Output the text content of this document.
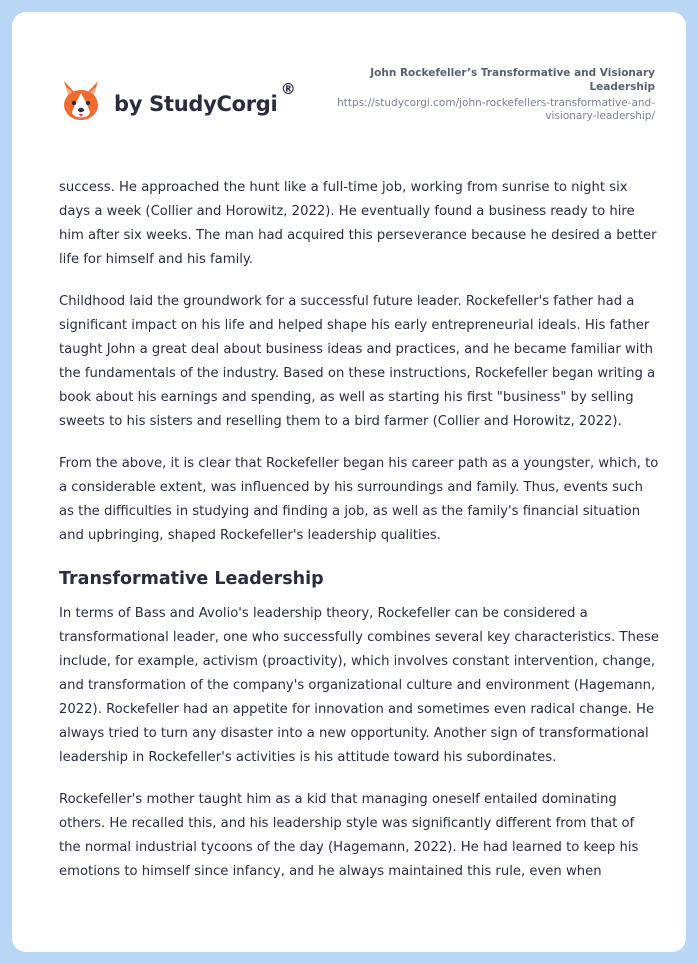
by StudyCorgi
®
John Rockefeller’s Transformative and Visionary Leadership
https://studycorgi.com/john-rockefellers-transformative-and-visionary-leadership/

success. He approached the hunt like a full-time job, working from sunrise to night six days a week (Collier and Horowitz, 2022). He eventually found a business ready to hire him after six weeks. The man had acquired this perseverance because he desired a better life for himself and his family.

Childhood laid the groundwork for a successful future leader. Rockefeller's father had a significant impact on his life and helped shape his early entrepreneurial ideals. His father taught John a great deal about business ideas and practices, and he became familiar with the fundamentals of the industry. Based on these instructions, Rockefeller began writing a book about his earnings and spending, as well as starting his first "business" by selling sweets to his sisters and reselling them to a bird farmer (Collier and Horowitz, 2022).

From the above, it is clear that Rockefeller began his career path as a youngster, which, to a considerable extent, was influenced by his surroundings and family. Thus, events such as the difficulties in studying and finding a job, as well as the family's financial situation and upbringing, shaped Rockefeller's leadership qualities.

Transformative Leadership

In terms of Bass and Avolio's leadership theory, Rockefeller can be considered a transformational leader, one who successfully combines several key characteristics. These include, for example, activism (proactivity), which involves constant intervention, change, and transformation of the company's organizational culture and environment (Hagemann, 2022). Rockefeller had an appetite for innovation and sometimes even radical change. He always tried to turn any disaster into a new opportunity. Another sign of transformational leadership in Rockefeller's activities is his attitude toward his subordinates.

Rockefeller's mother taught him as a kid that managing oneself entailed dominating others. He recalled this, and his leadership style was significantly different from that of the normal industrial tycoons of the day (Hagemann, 2022). He had learned to keep his emotions to himself since infancy, and he always maintained this rule, even when
